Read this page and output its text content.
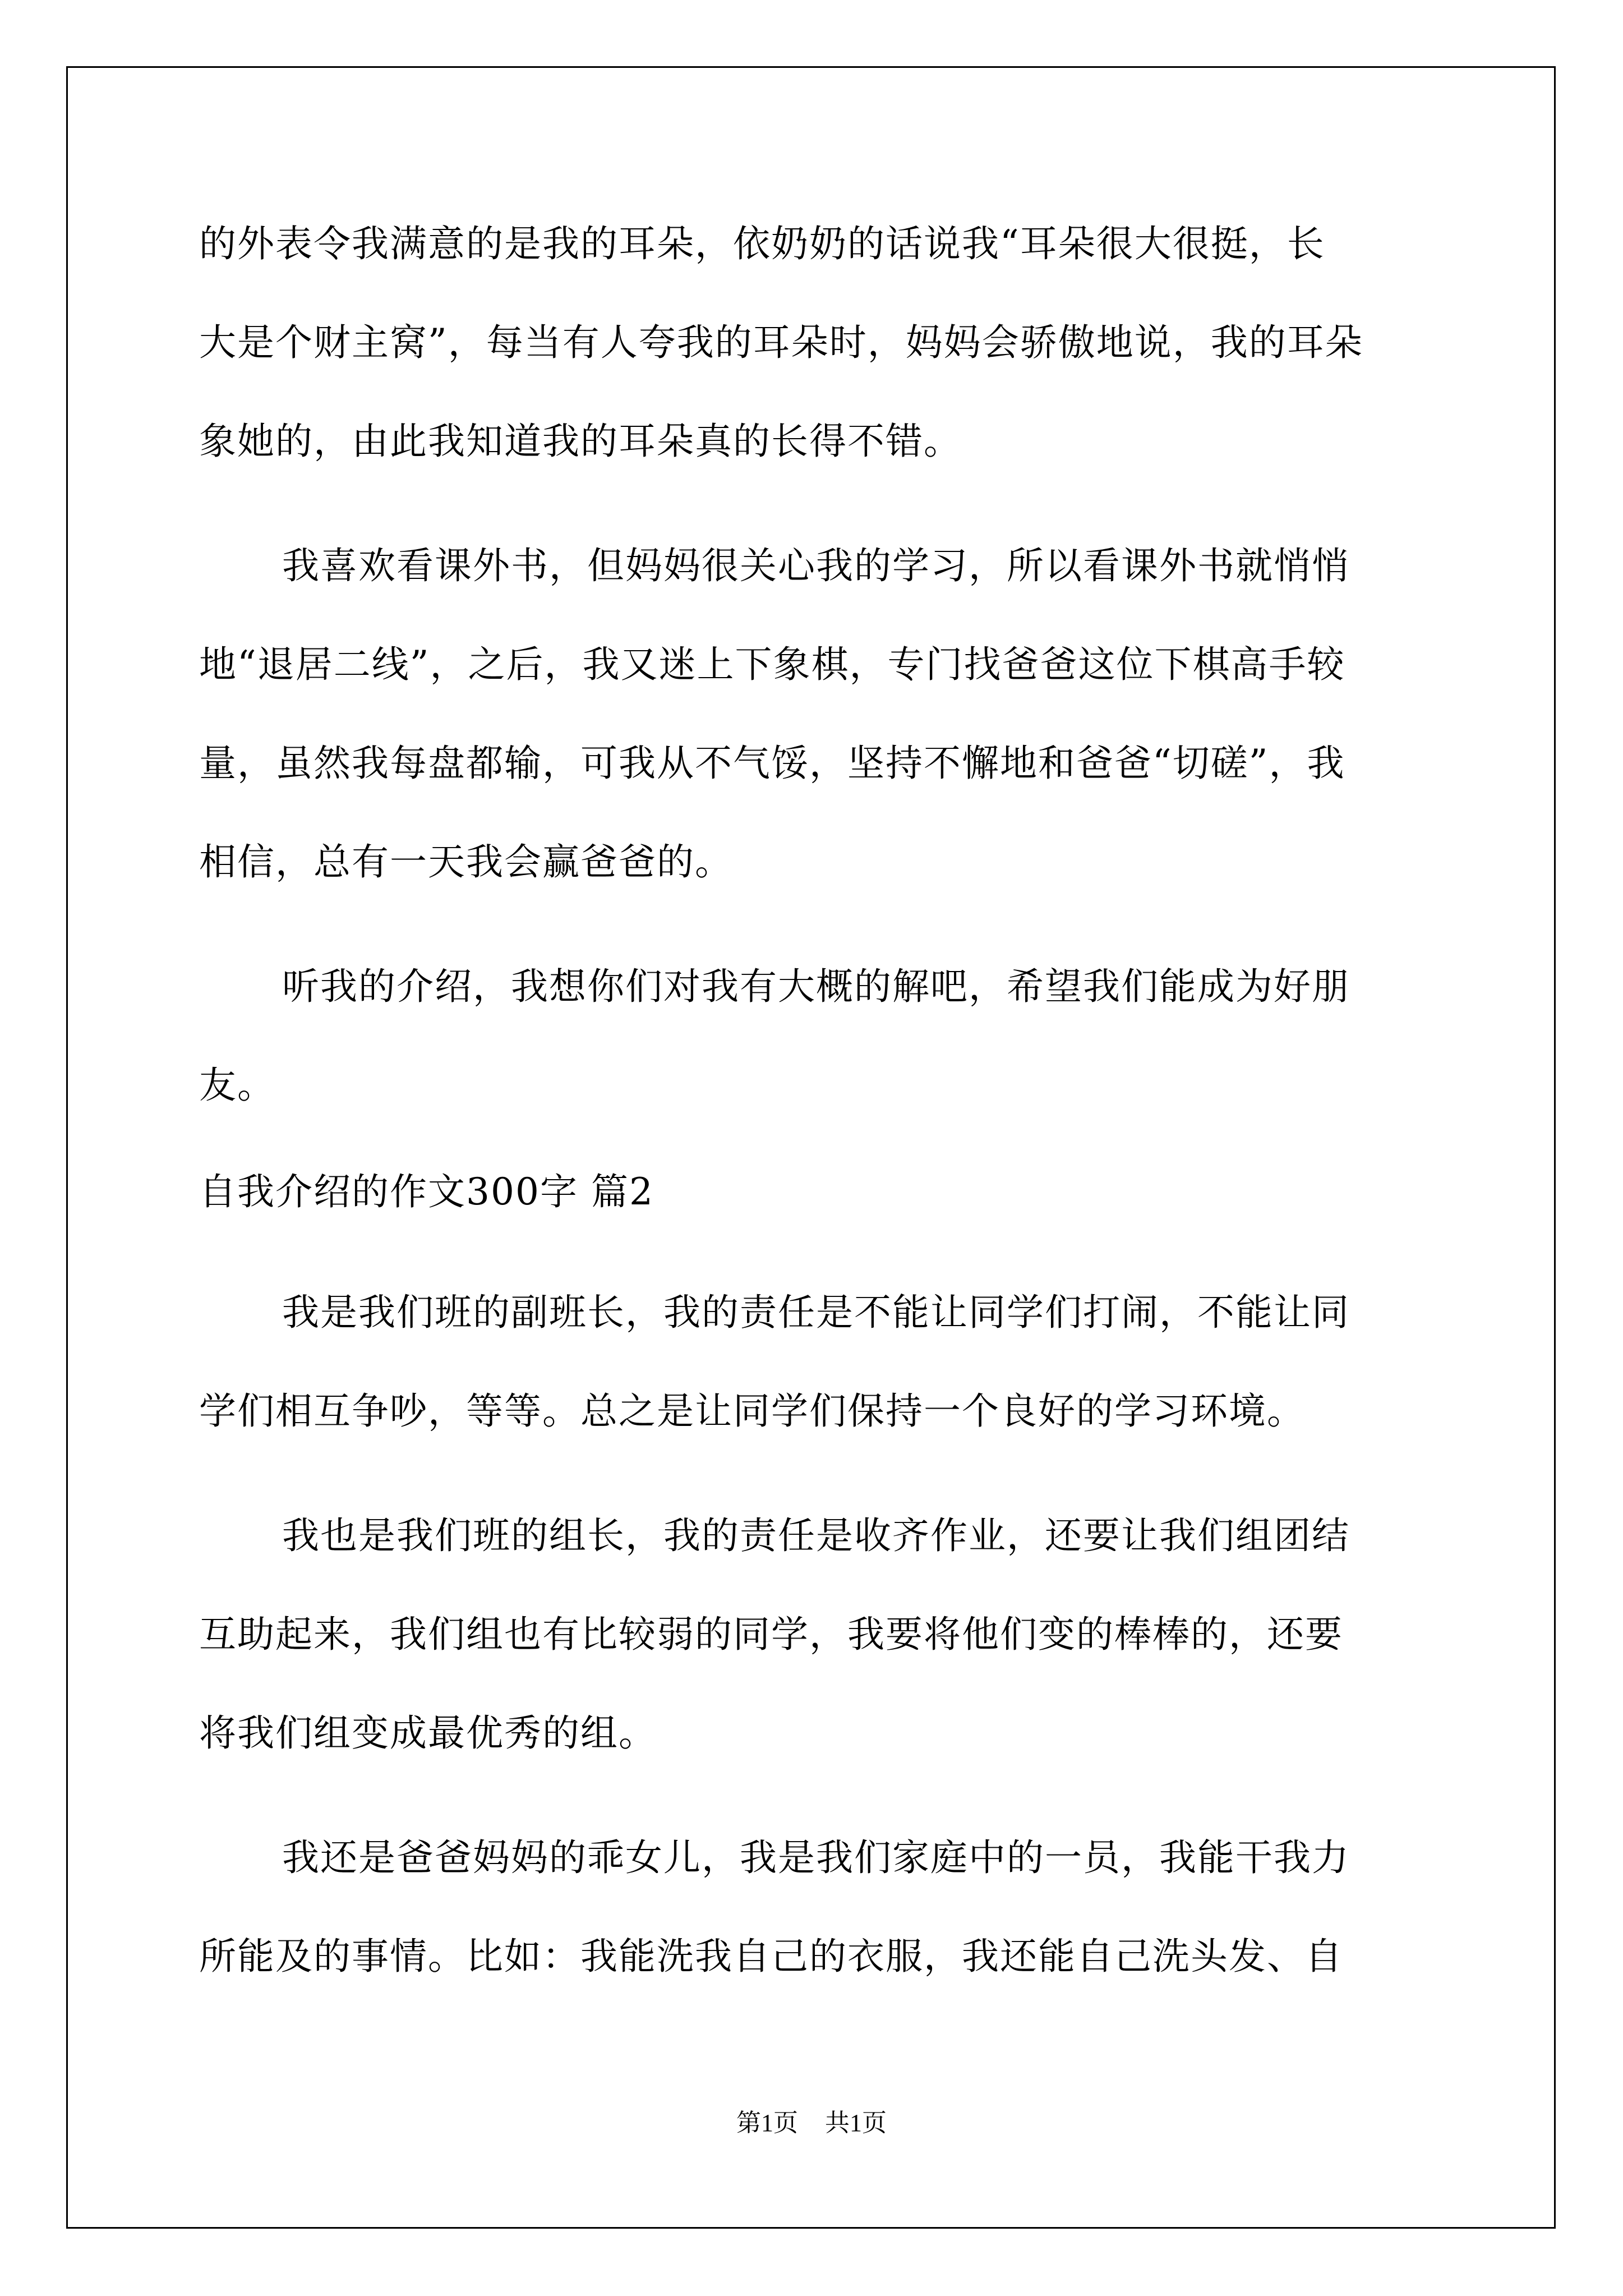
的外表令我满意的是我的耳朵，依奶奶的话说我“耳朵很大很挺，长
大是个财主窝”，每当有人夸我的耳朵时，妈妈会骄傲地说，我的耳朵
象她的，由此我知道我的耳朵真的长得不错。
我喜欢看课外书，但妈妈很关心我的学习，所以看课外书就悄悄
地“退居二线”，之后，我又迷上下象棋，专门找爸爸这位下棋高手较
量，虽然我每盘都输，可我从不气馁，坚持不懈地和爸爸“切磋”，我
相信，总有一天我会赢爸爸的。
听我的介绍，我想你们对我有大概的解吧，希望我们能成为好朋
友。
自我介绍的作文300字 篇2
我是我们班的副班长，我的责任是不能让同学们打闹，不能让同
学们相互争吵，等等。总之是让同学们保持一个良好的学习环境。
我也是我们班的组长，我的责任是收齐作业，还要让我们组团结
互助起来，我们组也有比较弱的同学，我要将他们变的棒棒的，还要
将我们组变成最优秀的组。
我还是爸爸妈妈的乖女儿，我是我们家庭中的一员，我能干我力
所能及的事情。比如：我能洗我自己的衣服，我还能自己洗头发、自
第1页 共1页
